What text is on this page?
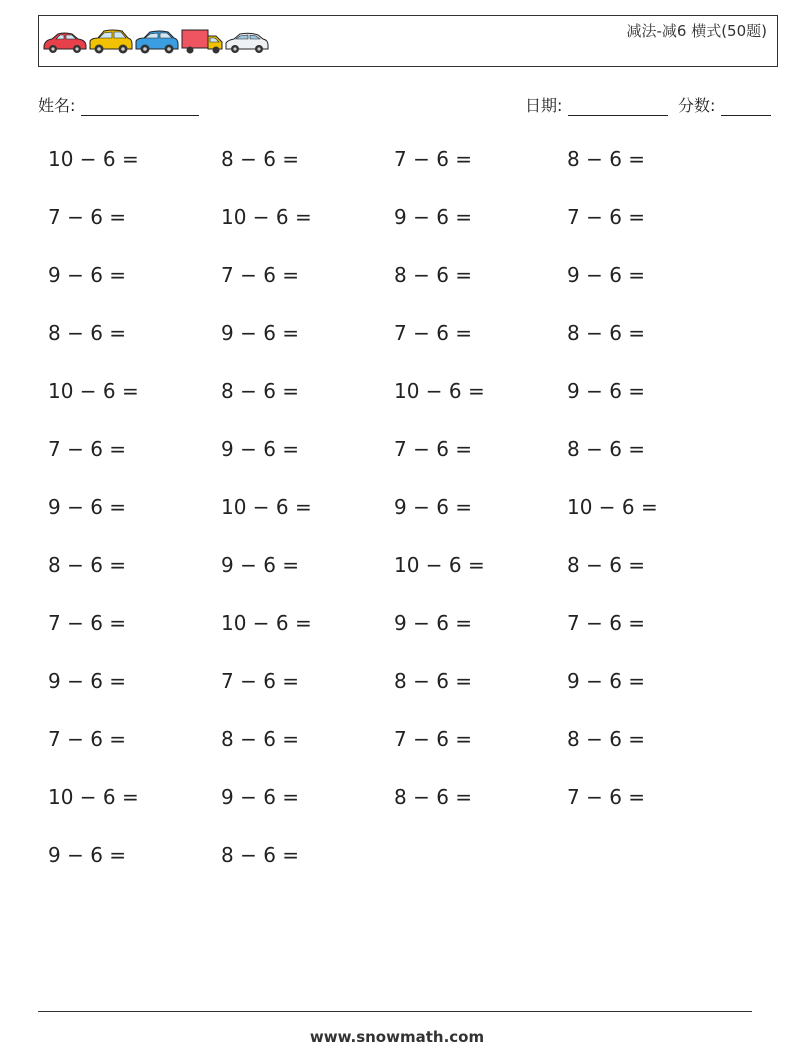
减法-减6 横式(50题)
姓名:	日期:	分数:
10 − 6 =	8 − 6 =	7 − 6 =	8 − 6 =
7 − 6 =	10 − 6 =	9 − 6 =	7 − 6 =
9 − 6 =	7 − 6 =	8 − 6 =	9 − 6 =
8 − 6 =	9 − 6 =	7 − 6 =	8 − 6 =
10 − 6 =	8 − 6 =	10 − 6 =	9 − 6 =
7 − 6 =	9 − 6 =	7 − 6 =	8 − 6 =
9 − 6 =	10 − 6 =	9 − 6 =	10 − 6 =
8 − 6 =	9 − 6 =	10 − 6 =	8 − 6 =
7 − 6 =	10 − 6 =	9 − 6 =	7 − 6 =
9 − 6 =	7 − 6 =	8 − 6 =	9 − 6 =
7 − 6 =	8 − 6 =	7 − 6 =	8 − 6 =
10 − 6 =	9 − 6 =	8 − 6 =	7 − 6 =
9 − 6 =	8 − 6 =
www.snowmath.com
